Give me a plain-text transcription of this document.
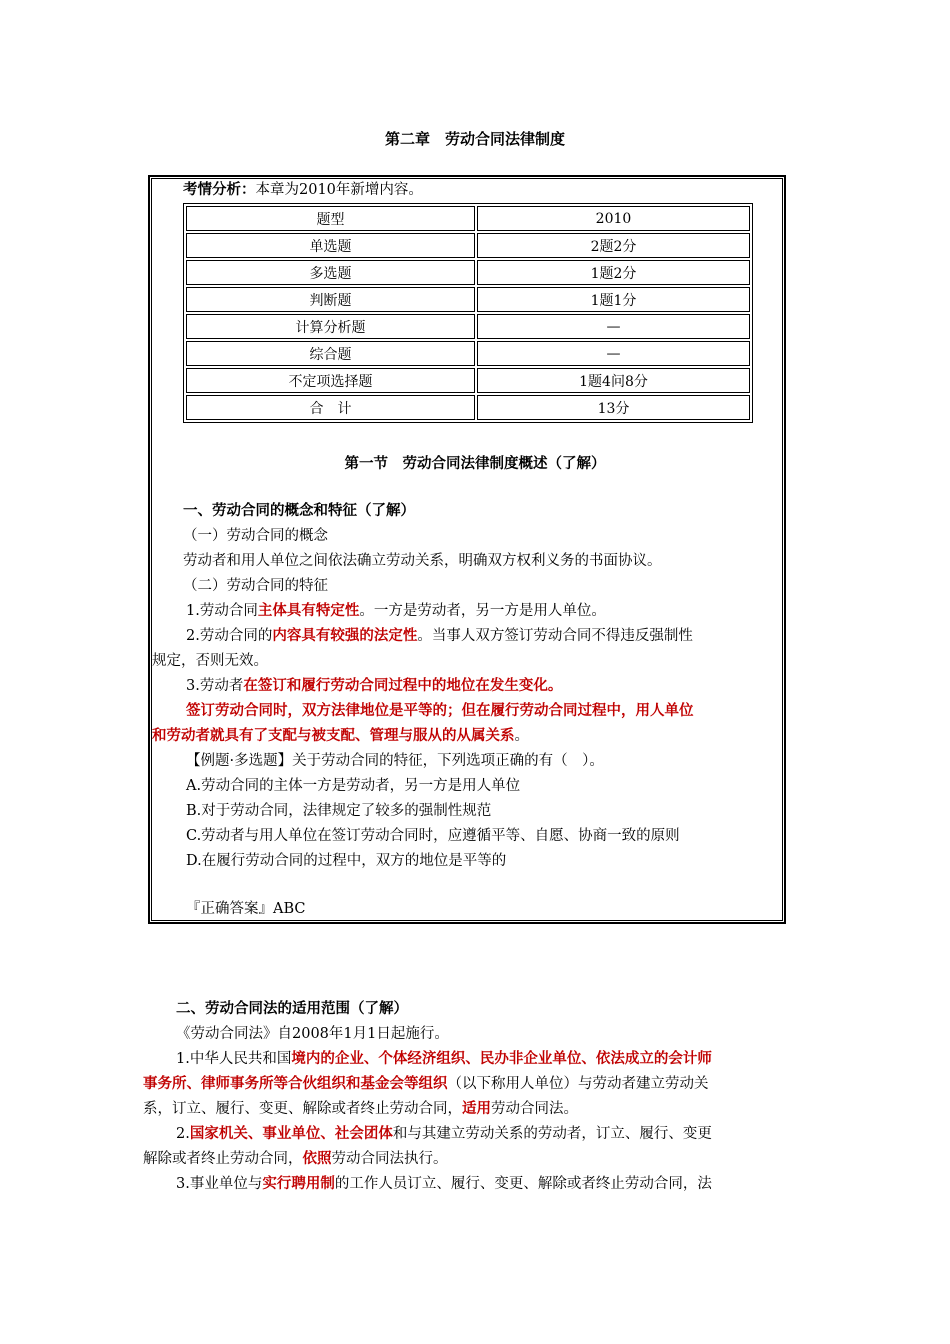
第二章　劳动合同法律制度
考情分析：本章为2010年新增内容。
题型	2010
单选题	2题2分
多选题	1题2分
判断题	1题1分
计算分析题	—
综合题	—
不定项选择题	1题4问8分
合　计	13分
第一节　劳动合同法律制度概述（了解）
一、劳动合同的概念和特征（了解）
（一）劳动合同的概念
劳动者和用人单位之间依法确立劳动关系，明确双方权利义务的书面协议。
（二）劳动合同的特征
1.劳动合同主体具有特定性。一方是劳动者，另一方是用人单位。
2.劳动合同的内容具有较强的法定性。当事人双方签订劳动合同不得违反强制性
规定，否则无效。
3.劳动者在签订和履行劳动合同过程中的地位在发生变化。
签订劳动合同时，双方法律地位是平等的；但在履行劳动合同过程中，用人单位
和劳动者就具有了支配与被支配、管理与服从的从属关系。
【例题·多选题】关于劳动合同的特征，下列选项正确的有（　）。
A.劳动合同的主体一方是劳动者，另一方是用人单位
B.对于劳动合同，法律规定了较多的强制性规范
C.劳动者与用人单位在签订劳动合同时，应遵循平等、自愿、协商一致的原则
D.在履行劳动合同的过程中，双方的地位是平等的
『正确答案』ABC
二、劳动合同法的适用范围（了解）
《劳动合同法》自2008年1月1日起施行。
1.中华人民共和国境内的企业、个体经济组织、民办非企业单位、依法成立的会计师
事务所、律师事务所等合伙组织和基金会等组织（以下称用人单位）与劳动者建立劳动关
系，订立、履行、变更、解除或者终止劳动合同，适用劳动合同法。
2.国家机关、事业单位、社会团体和与其建立劳动关系的劳动者，订立、履行、变更
解除或者终止劳动合同，依照劳动合同法执行。
3.事业单位与实行聘用制的工作人员订立、履行、变更、解除或者终止劳动合同，法
